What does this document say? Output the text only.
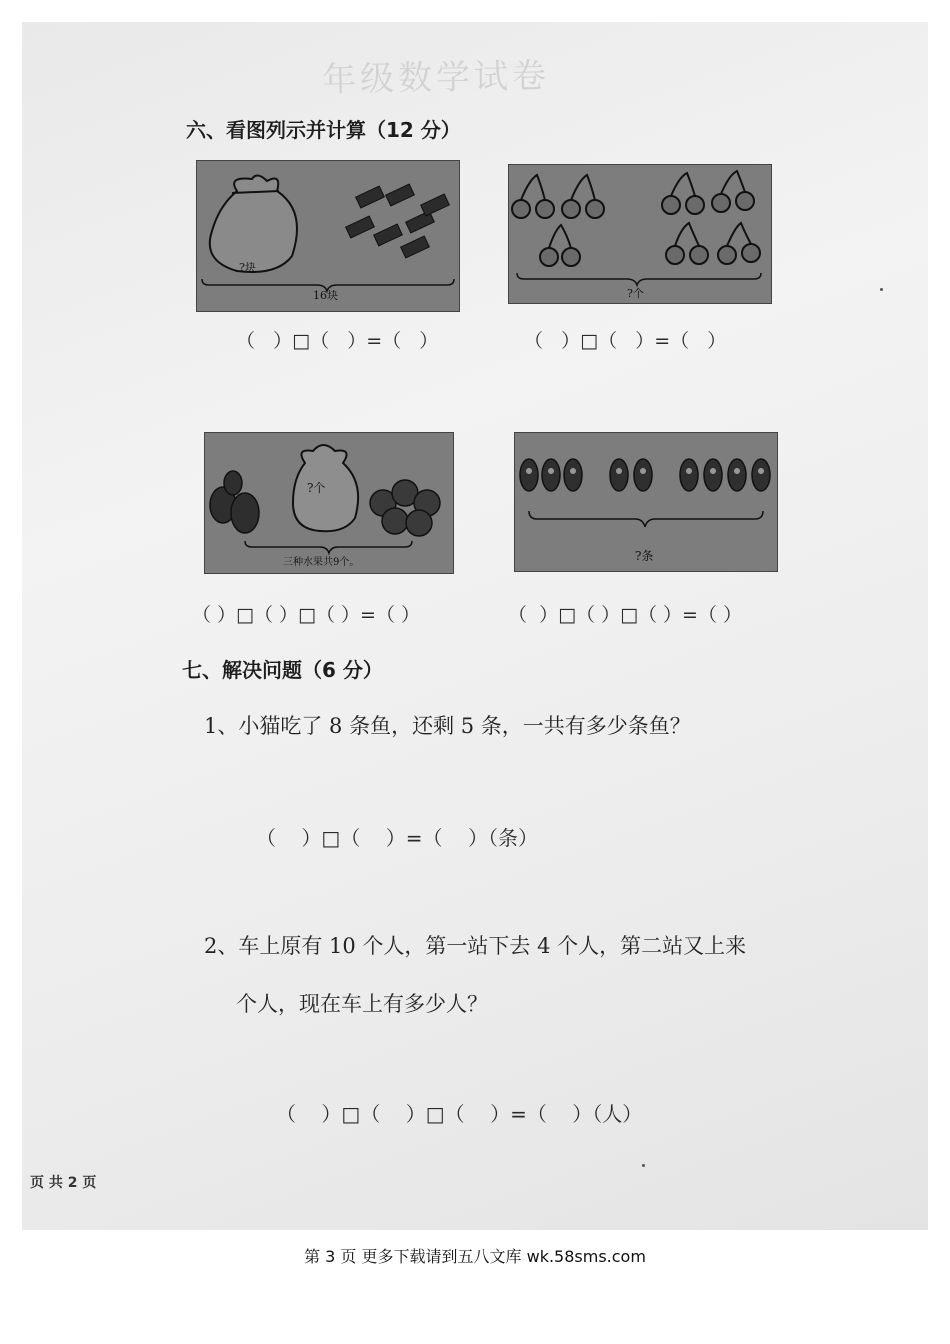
年级数学试卷
六、看图列示并计算（12 分）
?块
16块	?个
（   ）□（   ）=（   ）	（   ）□（   ）=（   ）
?个
三种水果共9个。	?条
（ ）□（ ）□（ ）=（ ）	（  ）□（ ）□（ ）=（ ）
七、解决问题（6 分）
1、小猫吃了 8 条鱼，还剩 5 条，一共有多少条鱼？
（    ）□（    ）=（    ）（条）
2、车上原有 10 个人，第一站下去 4 个人，第二站又上来
个人，现在车上有多少人？
（    ）□（    ）□（    ）=（    ）（人）
页 共 2 页
第 3 页 更多下载请到五八文库 wk.58sms.com
